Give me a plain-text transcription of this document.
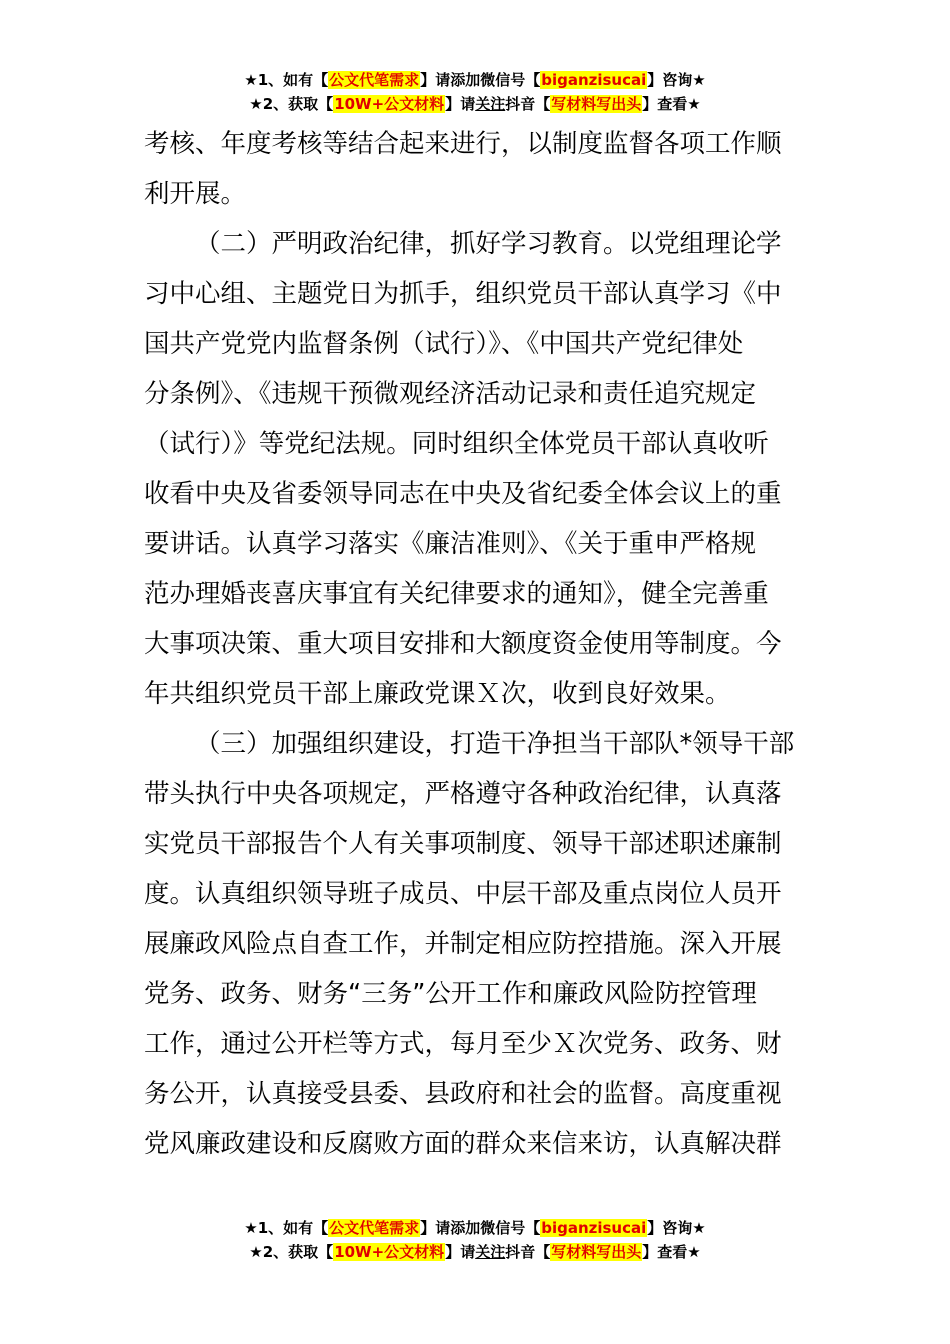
★1、如有【公文代笔需求】请添加微信号【biganzisucai】咨询★
★2、获取【10W+公文材料】请关注抖音【写材料写出头】查看★
考核、年度考核等结合起来进行，以制度监督各项工作顺
利开展。
（二）严明政治纪律，抓好学习教育。以党组理论学
习中心组、主题党日为抓手，组织党员干部认真学习《中
国共产党党内监督条例（试行）》、《中国共产党纪律处
分条例》、《违规干预微观经济活动记录和责任追究规定
（试行）》等党纪法规。同时组织全体党员干部认真收听
收看中央及省委领导同志在中央及省纪委全体会议上的重
要讲话。认真学习落实《廉洁准则》、《关于重申严格规
范办理婚丧喜庆事宜有关纪律要求的通知》，健全完善重
大事项决策、重大项目安排和大额度资金使用等制度。今
年共组织党员干部上廉政党课Ｘ次，收到良好效果。
（三）加强组织建设，打造干净担当干部队*领导干部
带头执行中央各项规定，严格遵守各种政治纪律，认真落
实党员干部报告个人有关事项制度、领导干部述职述廉制
度。认真组织领导班子成员、中层干部及重点岗位人员开
展廉政风险点自查工作，并制定相应防控措施。深入开展
党务、政务、财务“三务”公开工作和廉政风险防控管理
工作，通过公开栏等方式，每月至少Ｘ次党务、政务、财
务公开，认真接受县委、县政府和社会的监督。高度重视
党风廉政建设和反腐败方面的群众来信来访，认真解决群
★1、如有【公文代笔需求】请添加微信号【biganzisucai】咨询★
★2、获取【10W+公文材料】请关注抖音【写材料写出头】查看★
